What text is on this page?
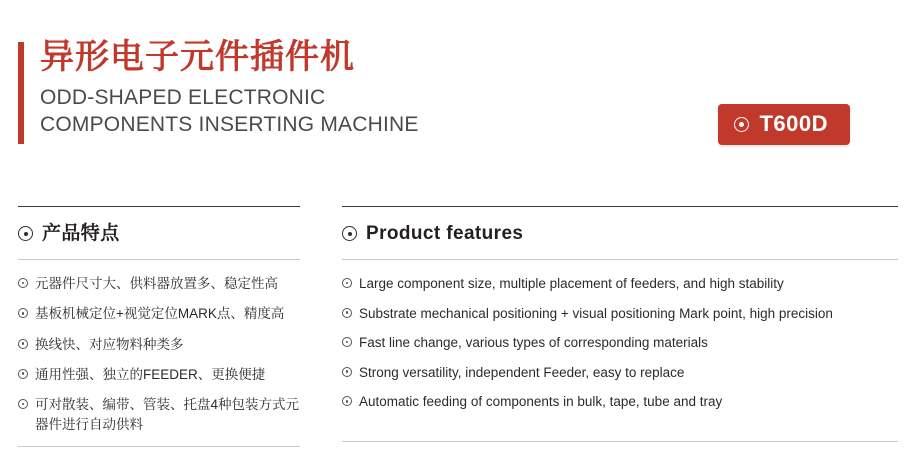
异形电子元件插件机
ODD-SHAPED ELECTRONIC
COMPONENTS INSERTING MACHINE	T600D
产品特点
元器件尺寸大、供料器放置多、稳定性高
基板机械定位+视觉定位MARK点、精度高
换线快、对应物料种类多
通用性强、独立的FEEDER、更换便捷
可对散装、编带、管装、托盘4种包装方式元器件进行自动供料
Product features
Large component size, multiple placement of feeders, and high stability
Substrate mechanical positioning + visual positioning Mark point, high precision
Fast line change, various types of corresponding materials
Strong versatility, independent Feeder, easy to replace
Automatic feeding of components in bulk, tape, tube and tray
